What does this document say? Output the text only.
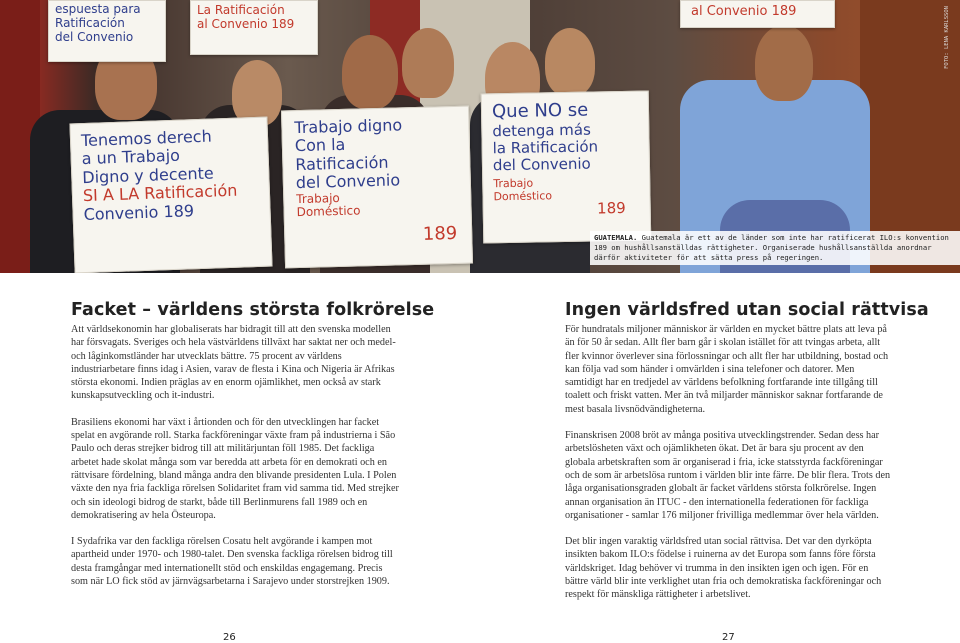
espuesta para
Ratificación
del Convenio
La Ratificación
al Convenio 189
al Convenio 189
Tenemos derech
a un Trabajo
Digno y decente
SI A LA Ratificación
Convenio 189
Trabajo digno
Con la
Ratificación
del Convenio
Trabajo
Doméstico
189
Que NO se
detenga más
la Ratificación
del Convenio
189
Trabajo
Doméstico
FOTO: LENA KARLSSON
GUATEMALA. Guatemala är ett av de länder som inte har ratificerat ILO:s konvention 189 om hushållsanställdas rättigheter. Organiserade hushållsanställda anordnar därför aktiviteter för att sätta press på regeringen.
Facket – världens största folkrörelse

Att världsekonomin har globaliserats har bidragit till att den svenska modellen har försvagats. Sveriges och hela västvärldens tillväxt har saktat ner och medel- och låginkomstländer har utvecklats bättre. 75 procent av världens industriarbetare finns idag i Asien, varav de flesta i Kina och Nigeria är Afrikas största ekonomi. Indien präglas av en enorm ojämlikhet, men också av stark kunskapsutveckling och it-industri.

Brasiliens ekonomi har växt i årtionden och för den utvecklingen har facket spelat en avgörande roll. Starka fackföreningar växte fram på industrierna i São Paulo och deras strejker bidrog till att militärjuntan föll 1985. Det fackliga arbetet hade skolat många som var beredda att arbeta för en demokrati och en rättvisare fördelning, bland många andra den blivande presidenten Lula. I Polen växte den nya fria fackliga rörelsen Solidaritet fram vid samma tid. Med strejker och sin ideologi bidrog de starkt, både till Berlinmurens fall 1989 och en demokratisering av hela Östeuropa.

I Sydafrika var den fackliga rörelsen Cosatu helt avgörande i kampen mot apartheid under 1970- och 1980-talet. Den svenska fackliga rörelsen bidrog till desta framgångar med internationellt stöd och enskildas engagemang. Precis som när LO fick stöd av järnvägsarbetarna i Sarajevo under storstrejken 1909.

26
Ingen världsfred utan social rättvisa

För hundratals miljoner människor är världen en mycket bättre plats att leva på än för 50 år sedan. Allt fler barn går i skolan istället för att tvingas arbeta, allt fler kvinnor överlever sina förlossningar och allt fler har utbildning, bostad och kan följa vad som händer i omvärlden i sina telefoner och datorer. Men samtidigt har en tredjedel av världens befolkning fortfarande inte tillgång till toalett och friskt vatten. Mer än två miljarder människor saknar fortfarande de mest basala livsnödvändigheterna.

Finanskrisen 2008 bröt av många positiva utvecklingstrender. Sedan dess har arbetslösheten växt och ojämlikheten ökat. Det är bara sju procent av den globala arbetskraften som är organiserad i fria, icke statsstyrda fackföreningar och de som är arbetslösa runtom i världen blir inte färre. De blir flera. Trots den låga organisationsgraden globalt är facket världens största folkrörelse. Ingen annan organisation än ITUC - den internationella federationen för fackliga organisationer - samlar 176 miljoner frivilliga medlemmar över hela världen.

Det blir ingen varaktig världsfred utan social rättvisa. Det var den dyrköpta insikten bakom ILO:s födelse i ruinerna av det Europa som fanns före första världskriget. Idag behöver vi trumma in den insikten igen och igen. För en bättre värld blir inte verklighet utan fria och demokratiska fackföreningar och respekt för mänskliga rättigheter i arbetslivet.

27
